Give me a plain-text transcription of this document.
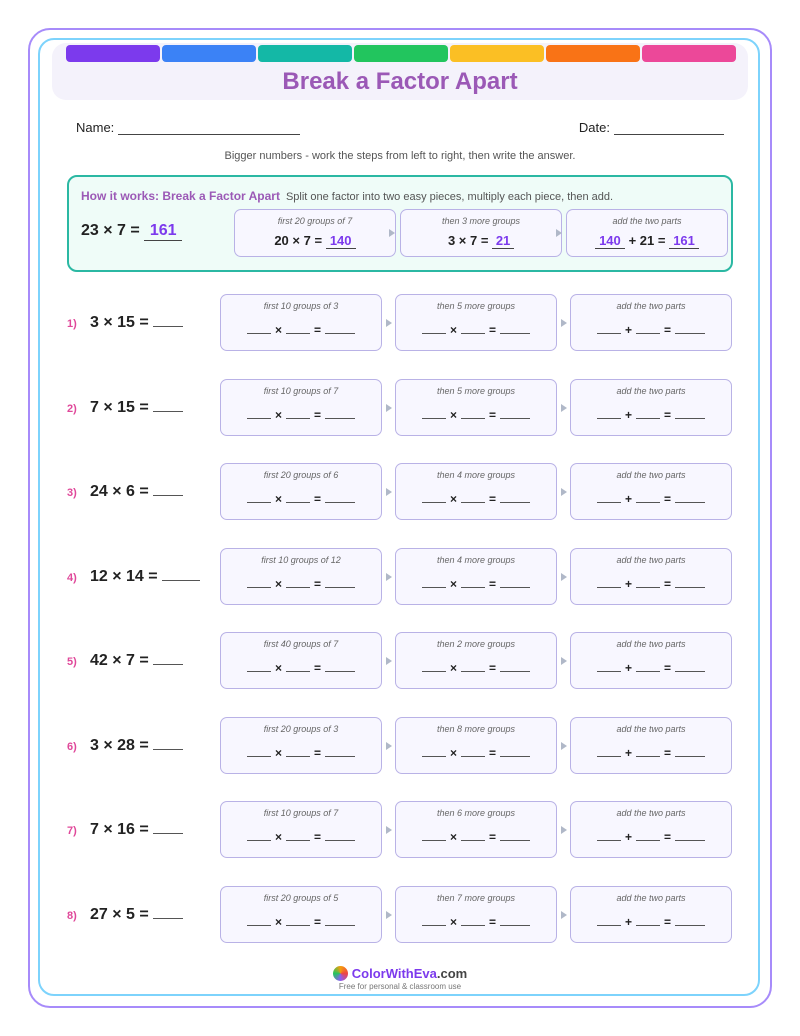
Break a Factor Apart
Name:	Date:
Bigger numbers - work the steps from left to right, then write the answer.
How it works: Break a Factor Apart Split one factor into two easy pieces, multiply each piece, then add.
23 × 7 = 161
first 20 groups of 7
20 × 7 = 140
then 3 more groups
3 × 7 = 21
add the two parts
140 + 21 = 161
1) 3 × 15 =
first 10 groups of 3
×	=
then 5 more groups
×	=
add the two parts
+	=
2) 7 × 15 =
first 10 groups of 7
×	=
then 5 more groups
×	=
add the two parts
+	=
3) 24 × 6 =
first 20 groups of 6
×	=
then 4 more groups
×	=
add the two parts
+	=
4) 12 × 14 =
first 10 groups of 12
×	=
then 4 more groups
×	=
add the two parts
+	=
5) 42 × 7 =
first 40 groups of 7
×	=
then 2 more groups
×	=
add the two parts
+	=
6) 3 × 28 =
first 20 groups of 3
×	=
then 8 more groups
×	=
add the two parts
+	=
7) 7 × 16 =
first 10 groups of 7
×	=
then 6 more groups
×	=
add the two parts
+	=
8) 27 × 5 =
first 20 groups of 5
×	=
then 7 more groups
×	=
add the two parts
+	=
ColorWithEva.com
Free for personal & classroom use
